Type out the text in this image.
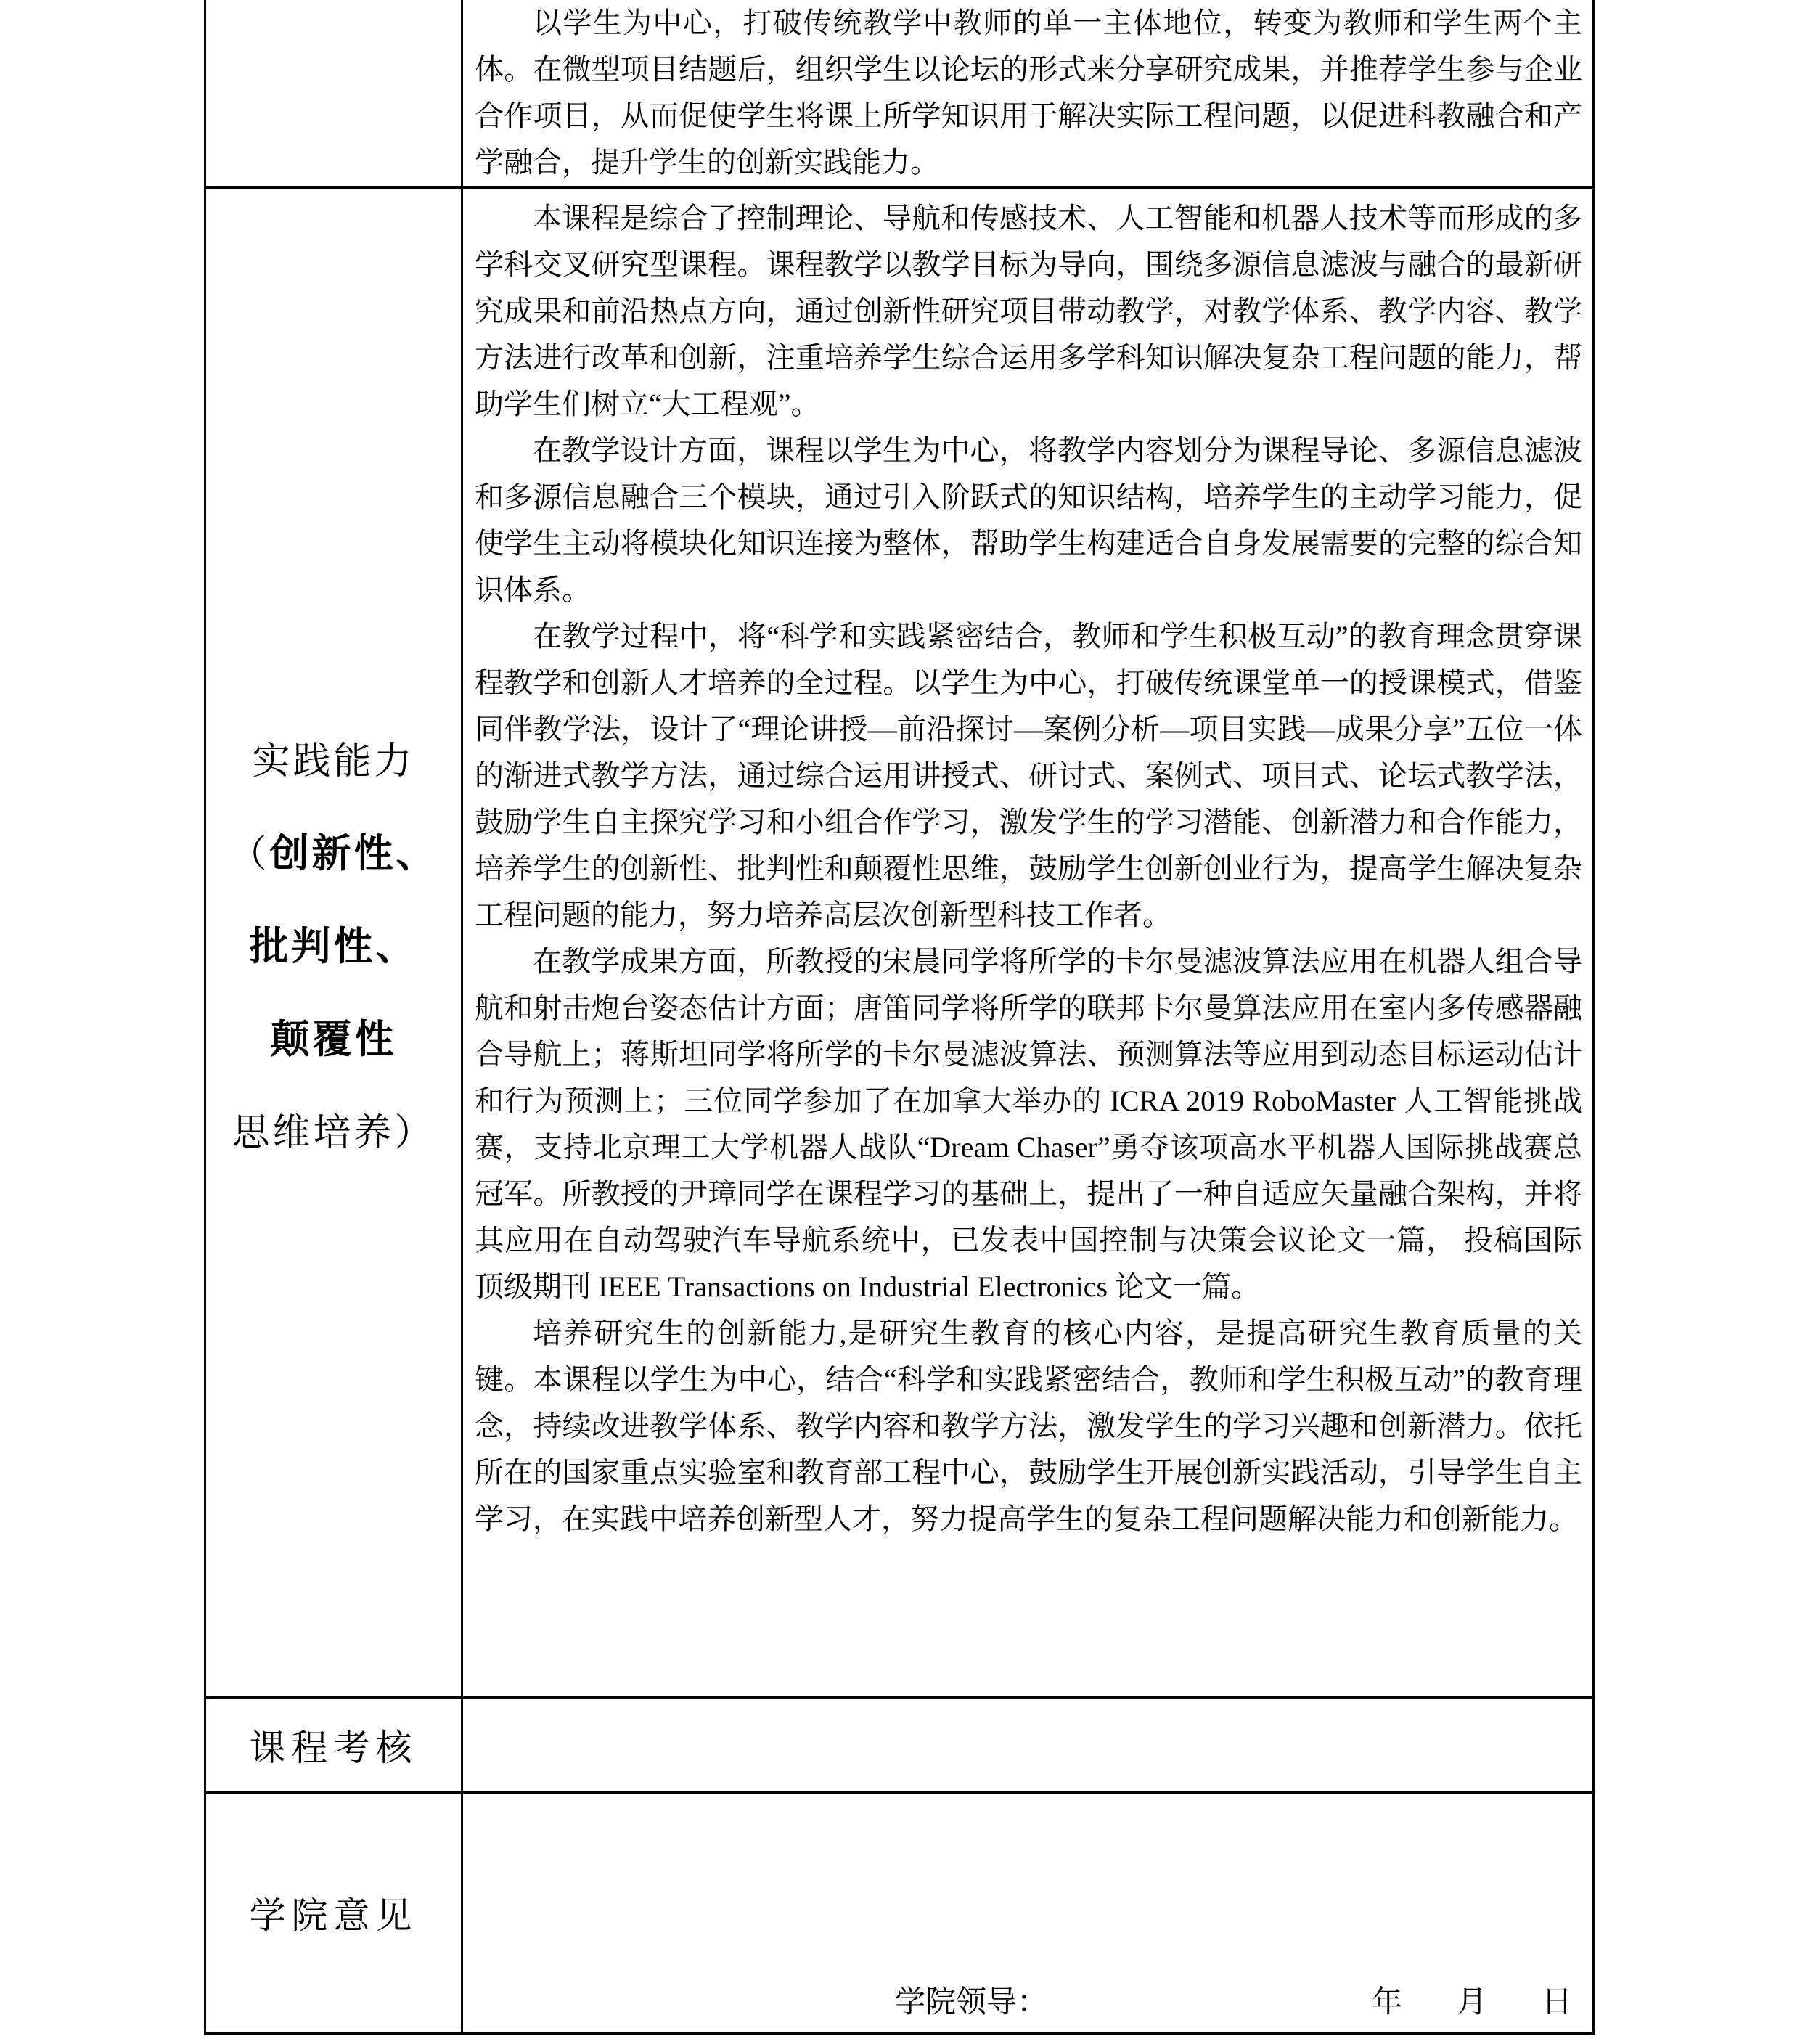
以学生为中心，打破传统教学中教师的单一主体地位，转变为教师和学生两个主体。在微型项目结题后，组织学生以论坛的形式来分享研究成果，并推荐学生参与企业合作项目，从而促使学生将课上所学知识用于解决实际工程问题，以促进科教融合和产学融合，提升学生的创新实践能力。

实践能力
（ 创新性、
批判性、
颠覆性
思维培养 ）

本课程是综合了控制理论、导航和传感技术、人工智能和机器人技术等而形成的多学科交叉研究型课程。课程教学以教学目标为导向，围绕多源信息滤波与融合的最新研究成果和前沿热点方向，通过创新性研究项目带动教学，对教学体系、教学内容、教学方法进行改革和创新，注重培养学生综合运用多学科知识解决复杂工程问题的能力，帮助学生们树立“大工程观”。

在教学设计方面，课程以学生为中心，将教学内容划分为课程导论、多源信息滤波和多源信息融合三个模块，通过引入阶跃式的知识结构，培养学生的主动学习能力，促使学生主动将模块化知识连接为整体，帮助学生构建适合自身发展需要的完整的综合知识体系。

在教学过程中，将“科学和实践紧密结合，教师和学生积极互动”的教育理念贯穿课程教学和创新人才培养的全过程。以学生为中心，打破传统课堂单一的授课模式，借鉴同伴教学法，设计了“理论讲授—前沿探讨—案例分析—项目实践—成果分享”五位一体的渐进式教学方法，通过综合运用讲授式、研讨式、案例式、项目式、论坛式教学法，鼓励学生自主探究学习和小组合作学习，激发学生的学习潜能、创新潜力和合作能力，培养学生的创新性、批判性和颠覆性思维，鼓励学生创新创业行为，提高学生解决复杂工程问题的能力，努力培养高层次创新型科技工作者。

在教学成果方面，所教授的宋晨同学将所学的卡尔曼滤波算法应用在机器人组合导航和射击炮台姿态估计方面；唐笛同学将所学的联邦卡尔曼算法应用在室内多传感器融合导航上；蒋斯坦同学将所学的卡尔曼滤波算法、预测算法等应用到动态目标运动估计和行为预测上；三位同学参加了在加拿大举办的 ICRA 2019 RoboMaster 人工智能挑战赛，支持北京理工大学机器人战队“Dream Chaser”勇夺该项高水平机器人国际挑战赛总冠军。所教授的尹璋同学在课程学习的基础上，提出了一种自适应矢量融合架构，并将其应用在自动驾驶汽车导航系统中，已发表中国控制与决策会议论文一篇， 投稿国际顶级期刊 IEEE Transactions on Industrial Electronics 论文一篇。

培养研究生的创新能力,是研究生教育的核心内容，是提高研究生教育质量的关键。本课程以学生为中心，结合“科学和实践紧密结合，教师和学生积极互动”的教育理念，持续改进教学体系、教学内容和教学方法，激发学生的学习兴趣和创新潜力。依托所在的国家重点实验室和教育部工程中心，鼓励学生开展创新实践活动，引导学生自主学习，在实践中培养创新型人才，努力提高学生的复杂工程问题解决能力和创新能力。

课程考核
学院意见
学院领导：	年 月 日
